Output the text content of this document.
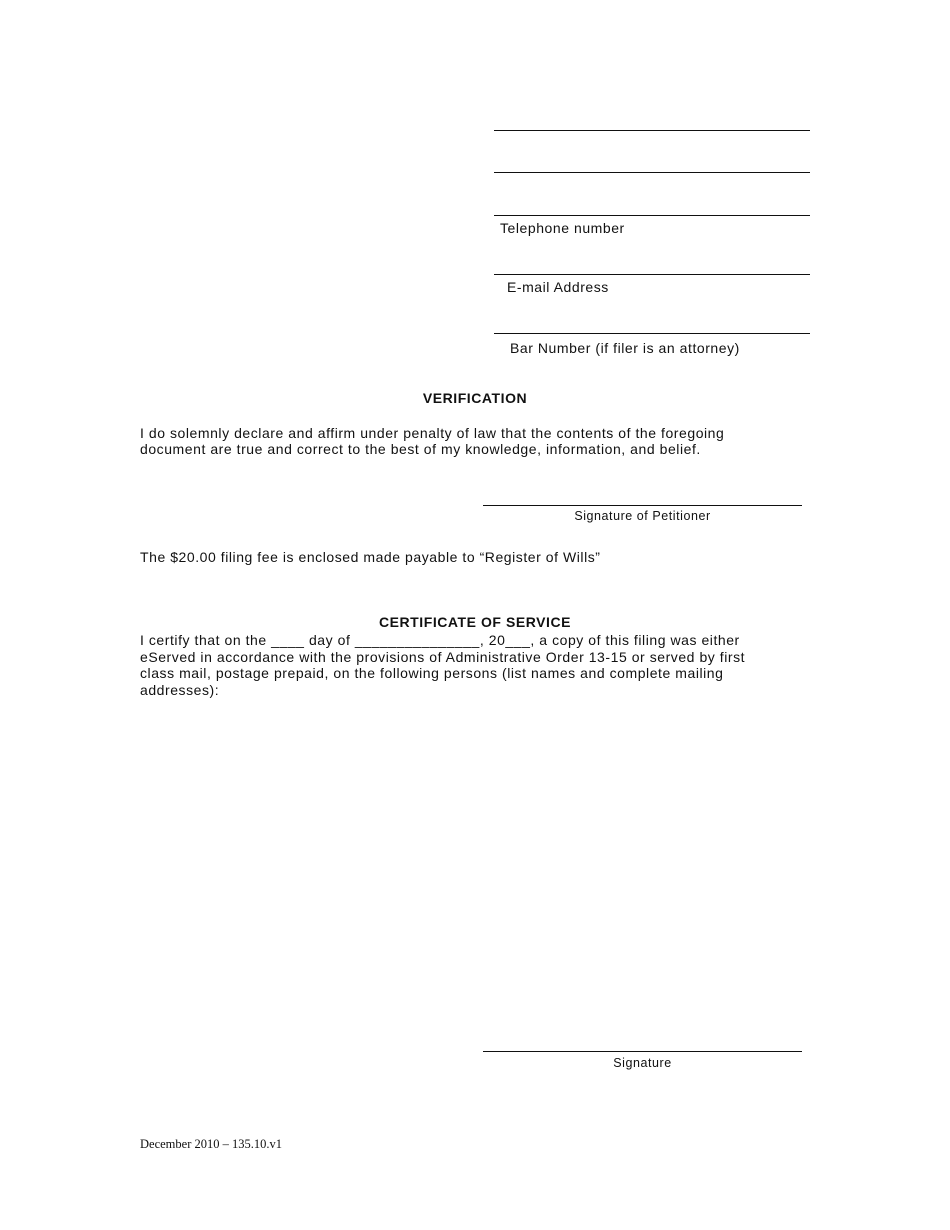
Telephone number
E-mail Address
Bar Number (if filer is an attorney)
VERIFICATION
I do solemnly declare and affirm under penalty of law that the contents of the foregoing
document are true and correct to the best of my knowledge, information, and belief.
Signature of Petitioner
The $20.00 filing fee is enclosed made payable to “Register of Wills”
CERTIFICATE OF SERVICE
I certify that on the ____ day of _______________, 20___, a copy of this filing was either
eServed in accordance with the provisions of Administrative Order 13-15 or served by first
class mail, postage prepaid, on the following persons (list names and complete mailing
addresses):
Signature
December 2010 – 135.10.v1
